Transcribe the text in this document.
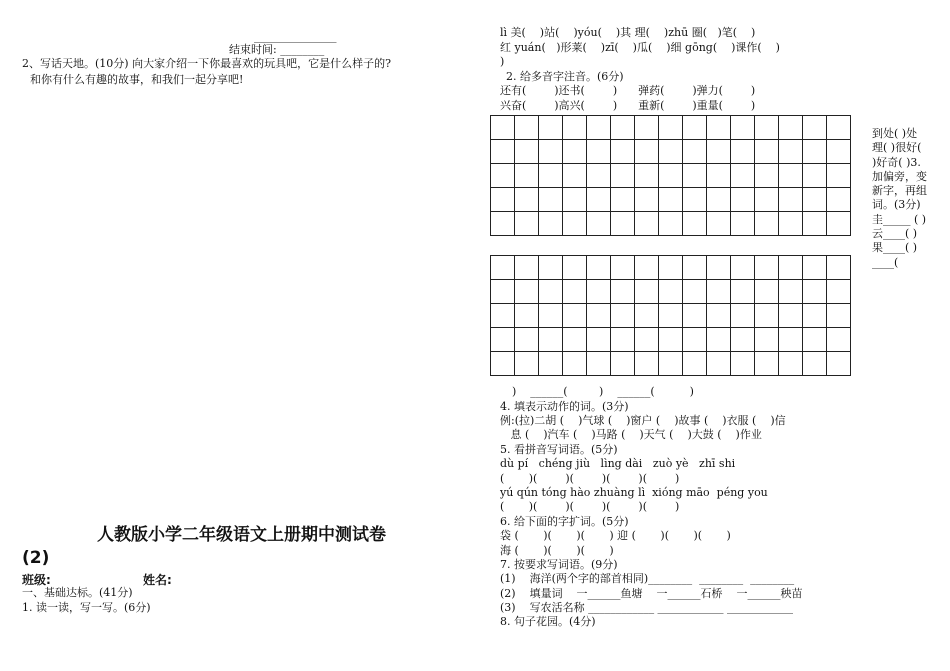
_______________
结束时间: ________
2、写话天地。(10分) 向大家介绍一下你最喜欢的玩具吧，它是什么样子的?
和你有什么有趣的故事，和我们一起分享吧!
人教版小学二年级语文上册期中测试卷
(2)
班级:	姓名:
一、基础达标。(41分)
1. 读一读，写一写。(6分)
lì 美(    )站(    )yóu(    )其 理(    )zhū 圈(   )笔(    )
红 yuán(   )形莱(    )zī(    )瓜(    )细 gōng(    )课作(    )
)
2. 给多音字注音。(6分)
还有(        )还书(        )      弹药(        )弹力(        )
兴奋(        )高兴(        )      重新(        )重量(        )

到处( )处理( )很好( )好奇( )3. 加偏旁，变新字，再组词。(3分) 圭_____ ( ) 云____( ) 果____( ) ____(
)    ______(         )    ______(          )
4. 填表示动作的词。(3分)
例:(拉)二胡 (    )气球 (    )窗户 (    )故事 (    )衣服 (    )信
息 (    )汽车 (    )马路 (    )天气 (    )大鼓 (    )作业
5. 看拼音写词语。(5分)
dù pí   chéng jiù   lìng dài   zuò yè   zhī shi
(       )(        )(        )(        )(        )
yú qún tóng hào zhuàng lì  xióng māo  péng you
(       )(        )(        )(        )(        )
6. 给下面的字扩词。(5分)
袋 (       )(       )(       ) 迎 (       )(       )(       )
海 (       )(       )(       )
7. 按要求写词语。(9分)
(1)    海洋(两个字的部首相同)________  ________  ________
(2)    填量词    一______鱼塘    一______石桥    一______秧苗
(3)    写农活名称 ____________ ____________ ____________
8. 句子花园。(4分)
